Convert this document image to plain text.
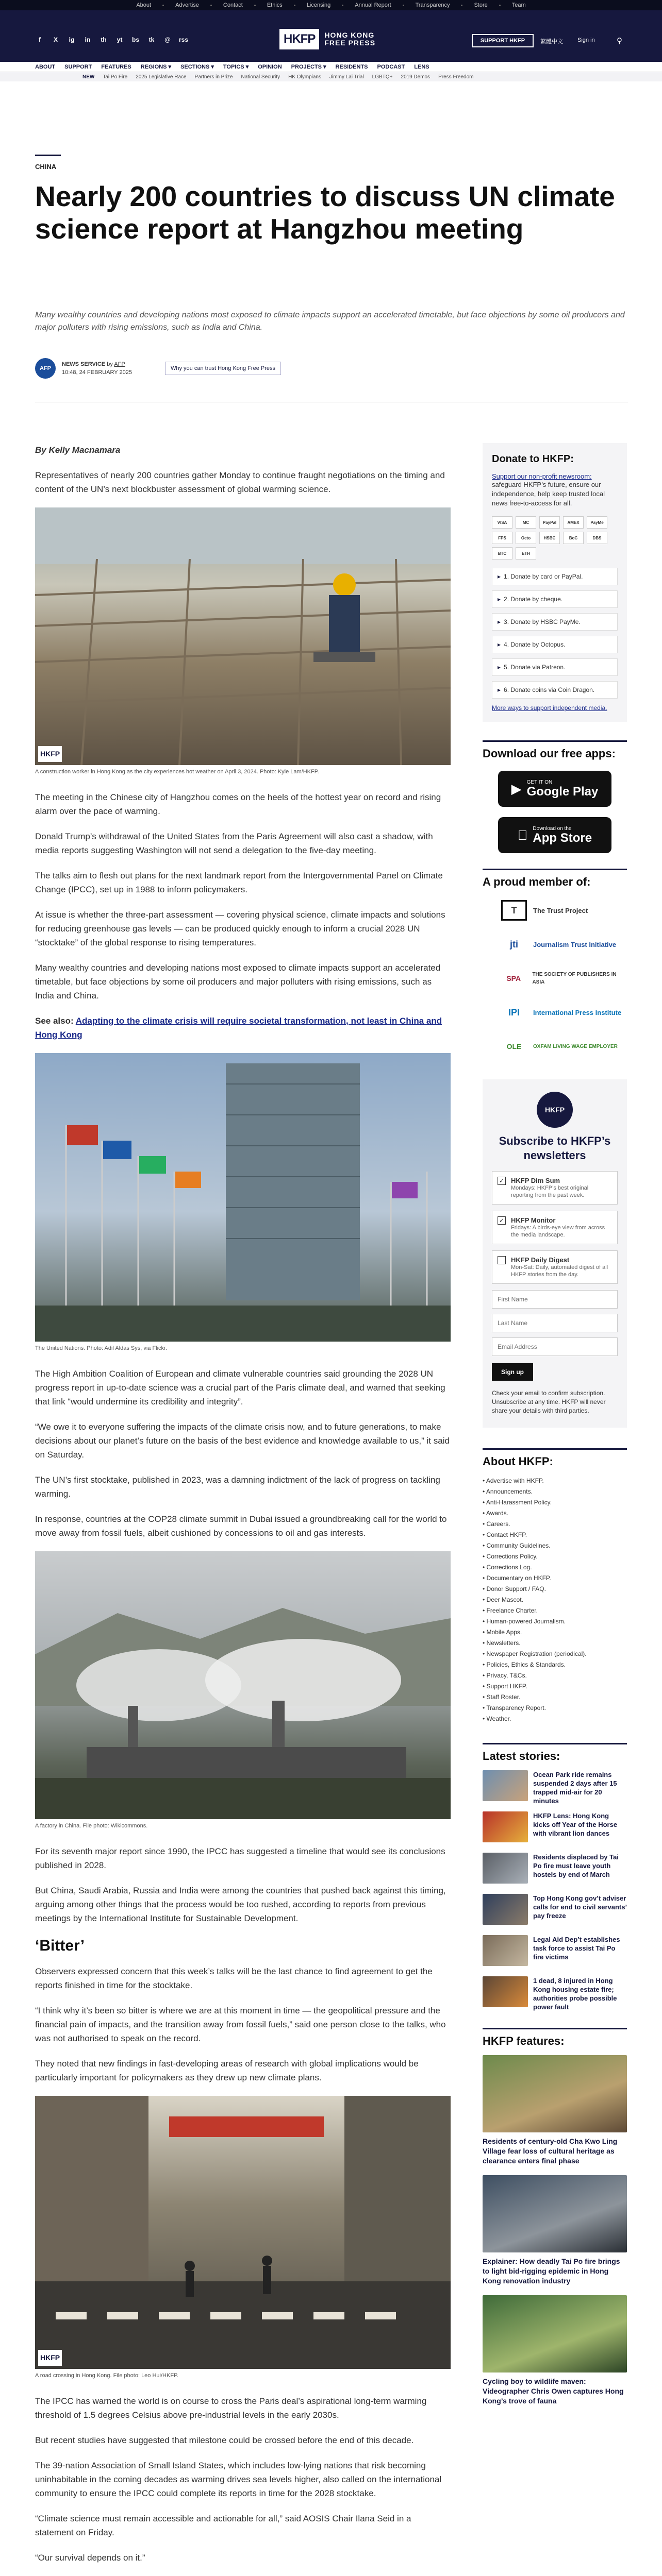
About	Advertise	Contact	Ethics	Licensing	Annual Report	Transparency	Store	Team
f	X	ig	in	th	yt	bs	tk	@ rss	HKFP	HONG KONG
FREE PRESS	SUPPORT HKFP	繁體中文	Sign in	⚲
ABOUT SUPPORT FEATURES REGIONS ▾ SECTIONS ▾ TOPICS ▾ OPINION PROJECTS ▾ RESIDENTS PODCAST LENS
NEW Tai Po Fire 2025 Legislative Race Partners in Prize National Security HK Olympians Jimmy Lai Trial LGBTQ+ 2019 Demos Press Freedom
CHINA
Nearly 200 countries to discuss UN climate science report at Hangzhou meeting

Many wealthy countries and developing nations most exposed to climate impacts support an accelerated timetable, but face objections by some oil producers and major polluters with rising emissions, such as India and China.

AFP
NEWS SERVICE by AFP
10:48, 24 FEBRUARY 2025
Why you can trust Hong Kong Free Press

By Kelly Macnamara

Representatives of nearly 200 countries gather Monday to continue fraught negotiations on the timing and content of the UN’s next blockbuster assessment of global warming science.

HKFP
A construction worker in Hong Kong as the city experiences hot weather on April 3, 2024. Photo: Kyle Lam/HKFP.

The meeting in the Chinese city of Hangzhou comes on the heels of the hottest year on record and rising alarm over the pace of warming.

Donald Trump’s withdrawal of the United States from the Paris Agreement will also cast a shadow, with media reports suggesting Washington will not send a delegation to the five-day meeting.

The talks aim to flesh out plans for the next landmark report from the Intergovernmental Panel on Climate Change (IPCC), set up in 1988 to inform policymakers.

At issue is whether the three-part assessment — covering physical science, climate impacts and solutions for reducing greenhouse gas levels — can be produced quickly enough to inform a crucial 2028 UN “stocktake” of the global response to rising temperatures.

Many wealthy countries and developing nations most exposed to climate impacts support an accelerated timetable, but face objections by some oil producers and major polluters with rising emissions, such as India and China.

See also: Adapting to the climate crisis will require societal transformation, not least in China and Hong Kong

The United Nations. Photo: Adil Aldas Sys, via Flickr.

The High Ambition Coalition of European and climate vulnerable countries said grounding the 2028 UN progress report in up-to-date science was a crucial part of the Paris climate deal, and warned that seeking that link “would undermine its credibility and integrity”.

“We owe it to everyone suffering the impacts of the climate crisis now, and to future generations, to make decisions about our planet’s future on the basis of the best evidence and knowledge available to us,” it said on Saturday.

The UN’s first stocktake, published in 2023, was a damning indictment of the lack of progress on tackling warming.

In response, countries at the COP28 climate summit in Dubai issued a groundbreaking call for the world to move away from fossil fuels, albeit cushioned by concessions to oil and gas interests.

A factory in China. File photo: Wikicommons.

For its seventh major report since 1990, the IPCC has suggested a timeline that would see its conclusions published in 2028.

But China, Saudi Arabia, Russia and India were among the countries that pushed back against this timing, arguing among other things that the process would be too rushed, according to reports from previous meetings by the International Institute for Sustainable Development.

‘Bitter’

Observers expressed concern that this week’s talks will be the last chance to find agreement to get the reports finished in time for the stocktake.

“I think why it’s been so bitter is where we are at this moment in time — the geopolitical pressure and the financial pain of impacts, and the transition away from fossil fuels,” said one person close to the talks, who was not authorised to speak on the record.

They noted that new findings in fast-developing areas of research with global implications would be particularly important for policymakers as they drew up new climate plans.

HKFP
A road crossing in Hong Kong. File photo: Leo Hui/HKFP.

The IPCC has warned the world is on course to cross the Paris deal’s aspirational long-term warming threshold of 1.5 degrees Celsius above pre-industrial levels in the early 2030s.

But recent studies have suggested that milestone could be crossed before the end of this decade.

The 39-nation Association of Small Island States, which includes low-lying nations that risk becoming uninhabitable in the coming decades as warming drives sea levels higher, also called on the international community to ensure the IPCC could complete its reports in time for the 2028 stocktake.

“Climate science must remain accessible and actionable for all,” said AOSIS Chair Ilana Seid in a statement on Friday.

“Our survival depends on it.”

Donate to HKFP:
Support our non-profit newsroom:
safeguard HKFP’s future, ensure our independence, help keep trusted local news free-to-access for all.
VISA	MC	PayPal	AMEX	PayMe
FPS	Octo	HSBC	BoC	DBS
BTC	ETH
▸ 1. Donate by card or PayPal.
▸ 2. Donate by cheque.
▸ 3. Donate by HSBC PayMe.
▸ 4. Donate by Octopus.
▸ 5. Donate via Patreon.
▸ 6. Donate coins via Coin Dragon.
More ways to support independent media.
Download our free apps:
▶ GET IT ON
Google Play
Download on the
App Store
A proud member of:
T	The Trust Project
jti	Journalism Trust Initiative
SPA	THE SOCIETY OF PUBLISHERS IN ASIA
IPI	International Press Institute
OLE	OXFAM LIVING WAGE EMPLOYER
HKFP
Subscribe to HKFP’s newsletters
✓ HKFP Dim Sum
Mondays: HKFP’s best original reporting from the past week.
✓ HKFP Monitor
Fridays: A birds-eye view from across the media landscape.
HKFP Daily Digest
Mon-Sat: Daily, automated digest of all HKFP stories from the day.
First Name Last Name Email Address Sign up
Check your email to confirm subscription. Unsubscribe at any time. HKFP will never share your details with third parties.
About HKFP:
• Advertise with HKFP.
• Announcements.
• Anti-Harassment Policy.
• Awards.
• Careers.
• Contact HKFP.
• Community Guidelines.
• Corrections Policy.
• Corrections Log.
• Documentary on HKFP.
• Donor Support / FAQ.
• Deer Mascot.
• Freelance Charter.
• Human-powered Journalism.
• Mobile Apps.
• Newsletters.
• Newspaper Registration (periodical).
• Policies, Ethics & Standards.
• Privacy, T&Cs.
• Support HKFP.
• Staff Roster.
• Transparency Report.
• Weather.
Latest stories:
Ocean Park ride remains suspended 2 days after 15 trapped mid-air for 20 minutes
HKFP Lens: Hong Kong kicks off Year of the Horse with vibrant lion dances
Residents displaced by Tai Po fire must leave youth hostels by end of March
Top Hong Kong gov’t adviser calls for end to civil servants’ pay freeze
Legal Aid Dep’t establishes task force to assist Tai Po fire victims
1 dead, 8 injured in Hong Kong housing estate fire; authorities probe possible power fault
HKFP features:
Residents of century-old Cha Kwo Ling Village fear loss of cultural heritage as clearance enters final phase
Explainer: How deadly Tai Po fire brings to light bid-rigging epidemic in Hong Kong renovation industry
Cycling boy to wildlife maven: Videographer Chris Owen captures Hong Kong’s trove of fauna
